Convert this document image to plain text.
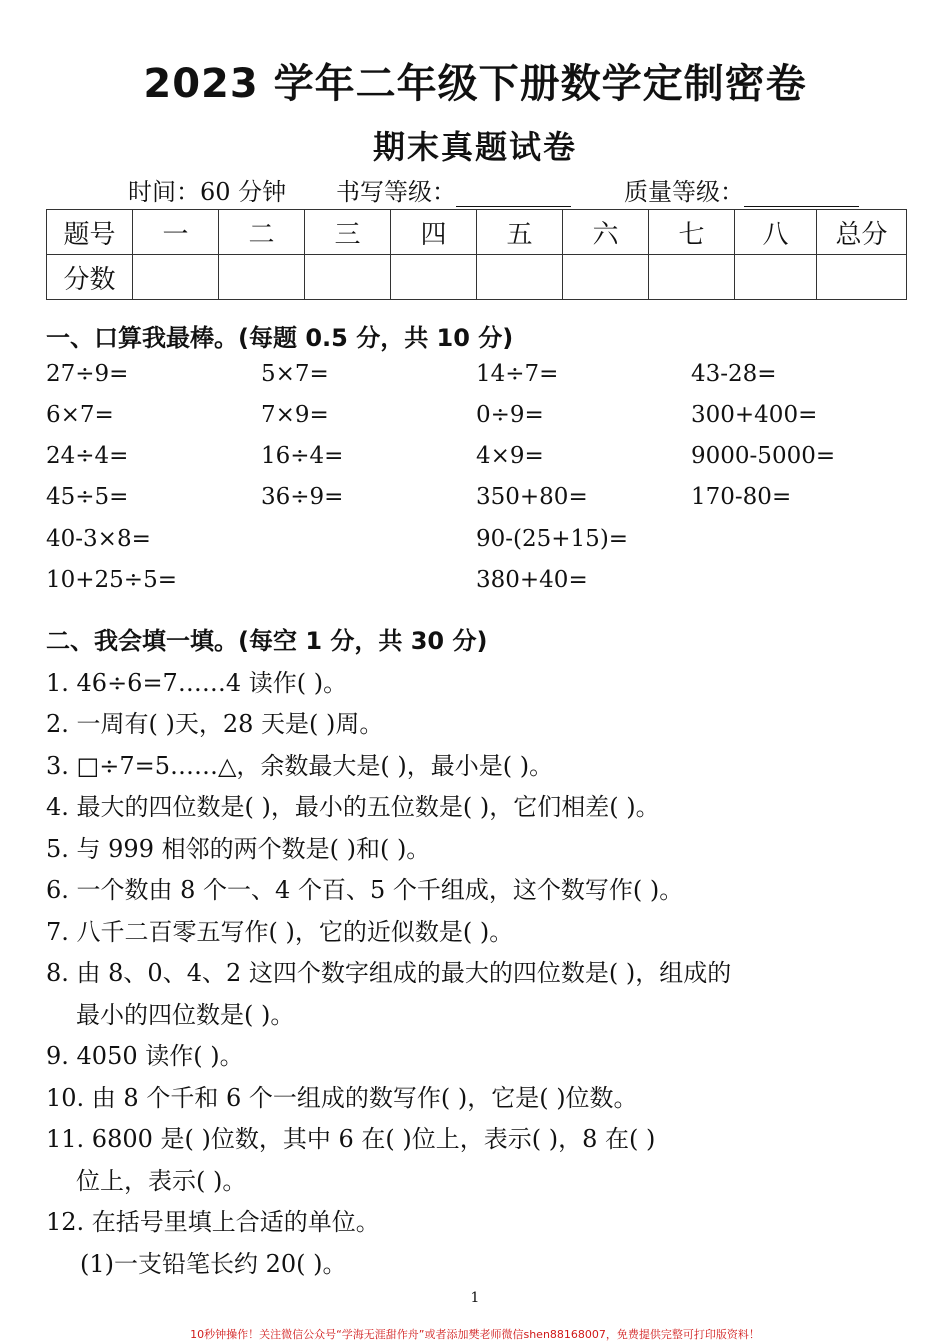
2023 学年二年级下册数学定制密卷
期末真题试卷
时间：60 分钟 书写等级：	质量等级：
题号	一	二	三	四	五	六	七	八	总分
分数									
一、口算我最棒。(每题 0.5 分，共 10 分)
27÷9=	5×7=	14÷7=	43-28=
6×7=	7×9=	0÷9=	300+400=
24÷4=	16÷4=	4×9=	9000-5000=
45÷5=	36÷9=	350+80=	170-80=
40-3×8=	90-(25+15)=
10+25÷5=	380+40=
二、我会填一填。(每空 1 分，共 30 分)
1. 46÷6=7……4 读作( )。
2. 一周有( )天，28 天是( )周。
3. □÷7=5……△，余数最大是( )，最小是( )。
4. 最大的四位数是( )，最小的五位数是( )，它们相差( )。
5. 与 999 相邻的两个数是( )和( )。
6. 一个数由 8 个一、4 个百、5 个千组成，这个数写作( )。
7. 八千二百零五写作( )，它的近似数是( )。
8. 由 8、0、4、2 这四个数字组成的最大的四位数是( )，组成的
最小的四位数是( )。
9. 4050 读作( )。
10. 由 8 个千和 6 个一组成的数写作( )，它是( )位数。
11. 6800 是( )位数，其中 6 在( )位上，表示( )，8 在( )
位上，表示( )。
12. 在括号里填上合适的单位。
(1)一支铅笔长约 20( )。
1
10秒钟操作！关注微信公众号“学海无涯甜作舟”或者添加樊老师微信shen88168007，免费提供完整可打印版资料！
